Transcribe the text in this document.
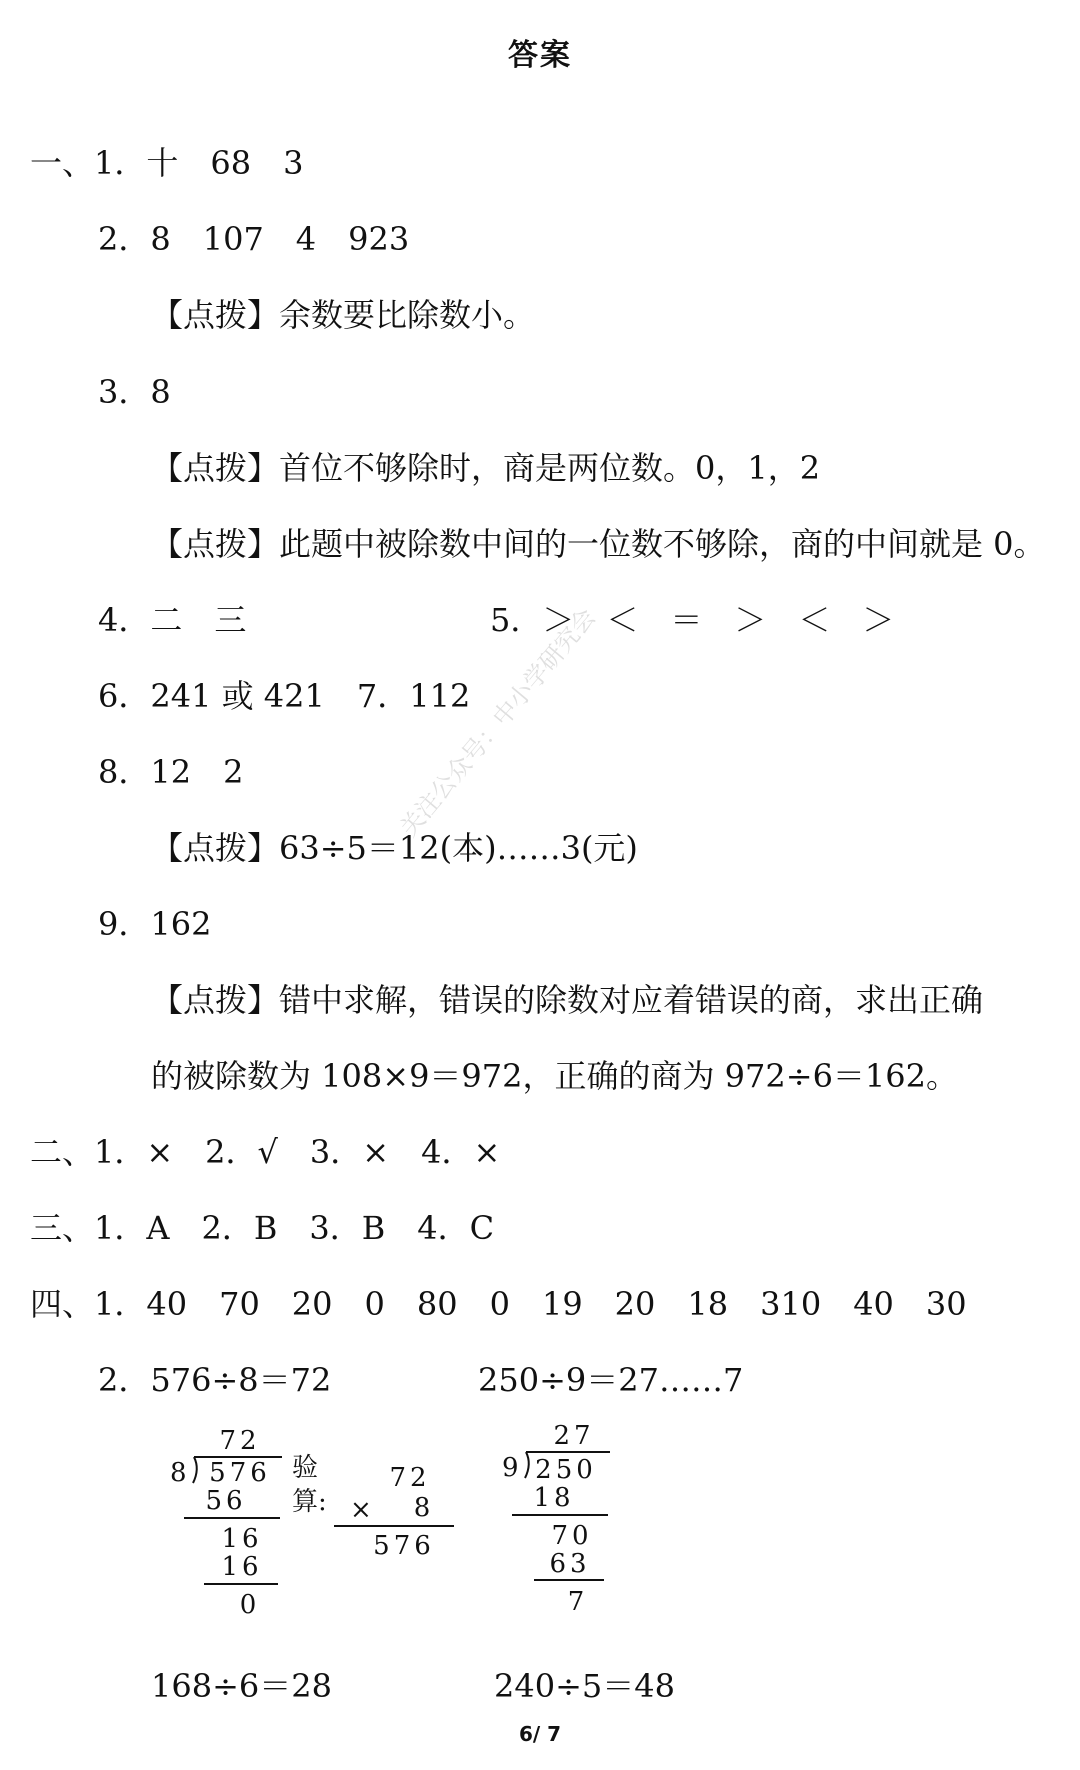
答案
一、1．十　68　3
2．8　107　4　923
【点拨】余数要比除数小。
3．8
【点拨】首位不够除时，商是两位数。0，1，2
【点拨】此题中被除数中间的一位数不够除，商的中间就是 0。
4．二　三	5．＞　＜　＝　＞　＜　＞
6．241 或 421　7．112
8．12　2
【点拨】63÷5＝12(本)……3(元)
9．162
【点拨】错中求解，错误的除数对应着错误的商，求出正确
的被除数为 108×9＝972，正确的商为 972÷6＝162。
二、1．×　2．√　3．×　4．×
三、1．A　2．B　3．B　4．C
四、1．40　70　20　0　80　0　19　20　18　310　40　30
2．576÷8＝72	250÷9＝27……7
72
8 576
56
16
16
0
验
算:
72
× 8
576
27
9 250
18
70
63
7
168÷6＝28	240÷5＝48
关注公众号：中小学研究会
6/ 7
